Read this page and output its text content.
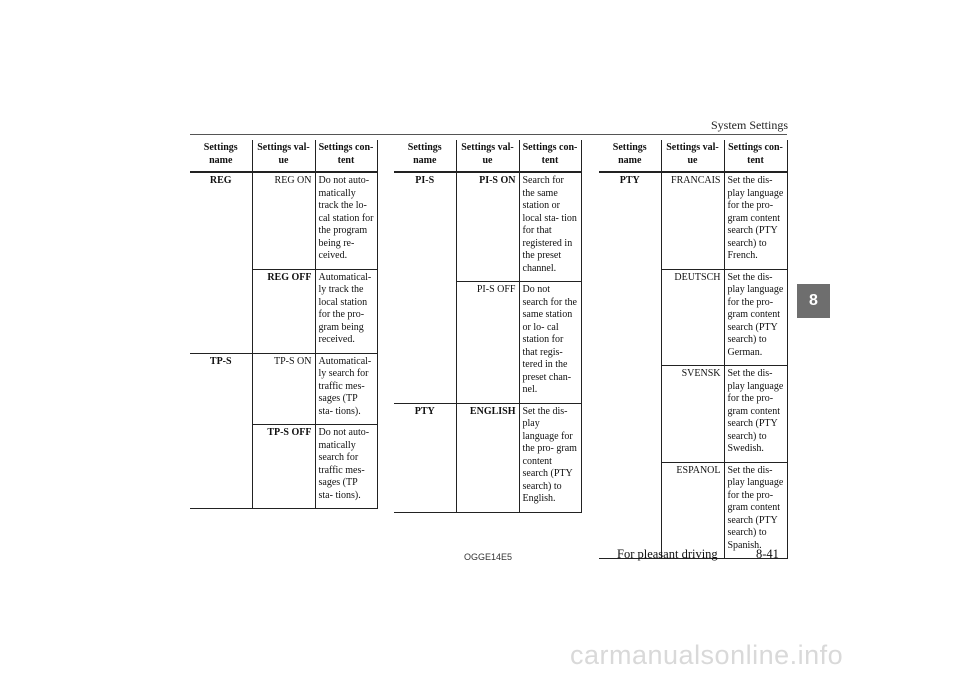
System Settings
8
Settings name	Settings val- ue	Settings con- tent
REG	REG ON	Do not auto- matically track the lo- cal station for the program being re- ceived.
	REG OFF	Automatical- ly track the local station for the pro- gram being received.
TP-S	TP-S ON	Automatical- ly search for traffic mes- sages (TP sta- tions).
	TP-S OFF	Do not auto- matically search for traffic mes- sages (TP sta- tions).
Settings name	Settings val- ue	Settings con- tent
PI-S	PI-S ON	Search for the same station or local sta- tion for that registered in the preset channel.
	PI-S OFF	Do not search for the same station or lo- cal station for that regis- tered in the preset chan- nel.
PTY	ENGLISH	Set the dis- play language for the pro- gram content search (PTY search) to English.
Settings name	Settings val- ue	Settings con- tent
PTY	FRANCAIS	Set the dis- play language for the pro- gram content search (PTY search) to French.
	DEUTSCH	Set the dis- play language for the pro- gram content search (PTY search) to German.
	SVENSK	Set the dis- play language for the pro- gram content search (PTY search) to Swedish.
	ESPANOL	Set the dis- play language for the pro- gram content search (PTY search) to Spanish.
OGGE14E5	For pleasant driving	8-41
carmanualsonline.info
